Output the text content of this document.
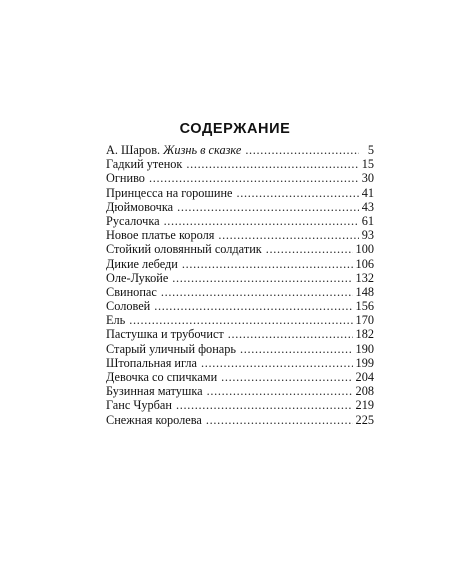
СОДЕРЖАНИЕ
А. Шаров. Жизнь в сказке . . .	5
Гадкий утенок . . .	15
Огниво . . .	30
Принцесса на горошине . . .	41
Дюймовочка . . .	43
Русалочка . . .	61
Новое платье короля . . .	93
Стойкий оловянный солдатик . . .	100
Дикие лебеди . . .	106
Оле-Лукойе . . .	132
Свинопас . . .	148
Соловей . . .	156
Ель . . .	170
Пастушка и трубочист . . .	182
Старый уличный фонарь . . .	190
Штопальная игла . . .	199
Девочка со спичками . . .	204
Бузинная матушка . . .	208
Ганс Чурбан . . .	219
Снежная королева . . .	225
